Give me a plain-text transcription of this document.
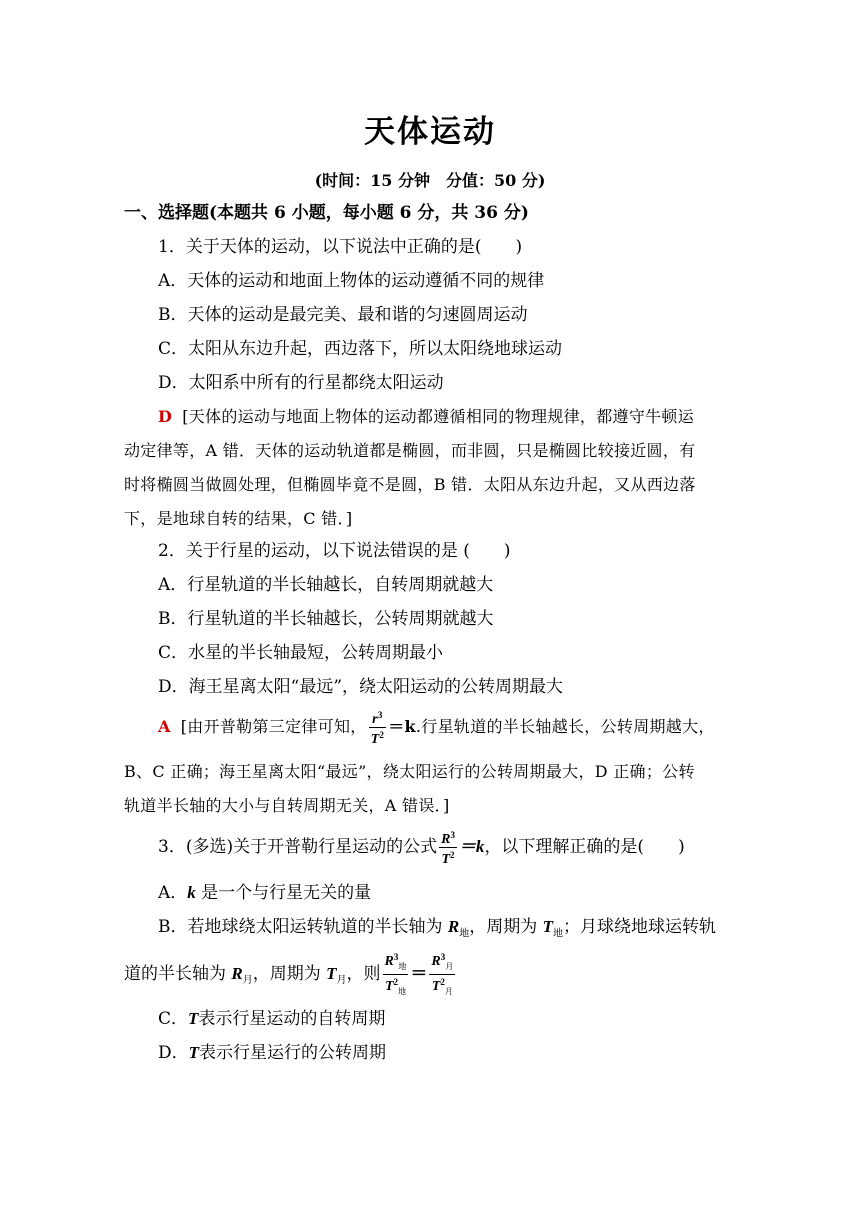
天体运动
(时间：15 分钟　分值：50 分)
一、选择题(本题共 6 小题，每小题 6 分，共 36 分)
1．关于天体的运动，以下说法中正确的是(　　)
A．天体的运动和地面上物体的运动遵循不同的规律
B．天体的运动是最完美、最和谐的匀速圆周运动
C．太阳从东边升起，西边落下，所以太阳绕地球运动
D．太阳系中所有的行星都绕太阳运动
D [天体的运动与地面上物体的运动都遵循相同的物理规律，都遵守牛顿运
动定律等，A 错．天体的运动轨道都是椭圆，而非圆，只是椭圆比较接近圆，有
时将椭圆当做圆处理，但椭圆毕竟不是圆，B 错．太阳从东边升起，又从西边落
下，是地球自转的结果，C 错．]
2．关于行星的运动，以下说法错误的是 (　　)
A．行星轨道的半长轴越长，自转周期就越大
B．行星轨道的半长轴越长，公转周期就越大
C．水星的半长轴最短，公转周期最小
D．海王星离太阳“最远”，绕太阳运动的公转周期最大
A [由开普勒第三定律可知， $\frac{r^3}{T^2} =k$.行星轨道的半长轴越长，公转周期越大，
B、C 正确；海王星离太阳“最远”，绕太阳运行的公转周期最大，D 正确；公转
轨道半长轴的大小与自转周期无关，A 错误．]
3．(多选)关于开普勒行星运动的公式 $\frac{R^3}{T^2} =k$，以下理解正确的是(　　)
A．k 是一个与行星无关的量
B．若地球绕太阳运转轨道的半长轴为 $R_地$，周期为 $T_地$；月球绕地球运转轨
道的半长轴为 $R_月$，周期为 $T_月$，则 $\frac{R^3_地}{T^2_地} = \frac{R^3_月}{T^2_月}$
C．T表示行星运动的自转周期
D．T表示行星运行的公转周期
